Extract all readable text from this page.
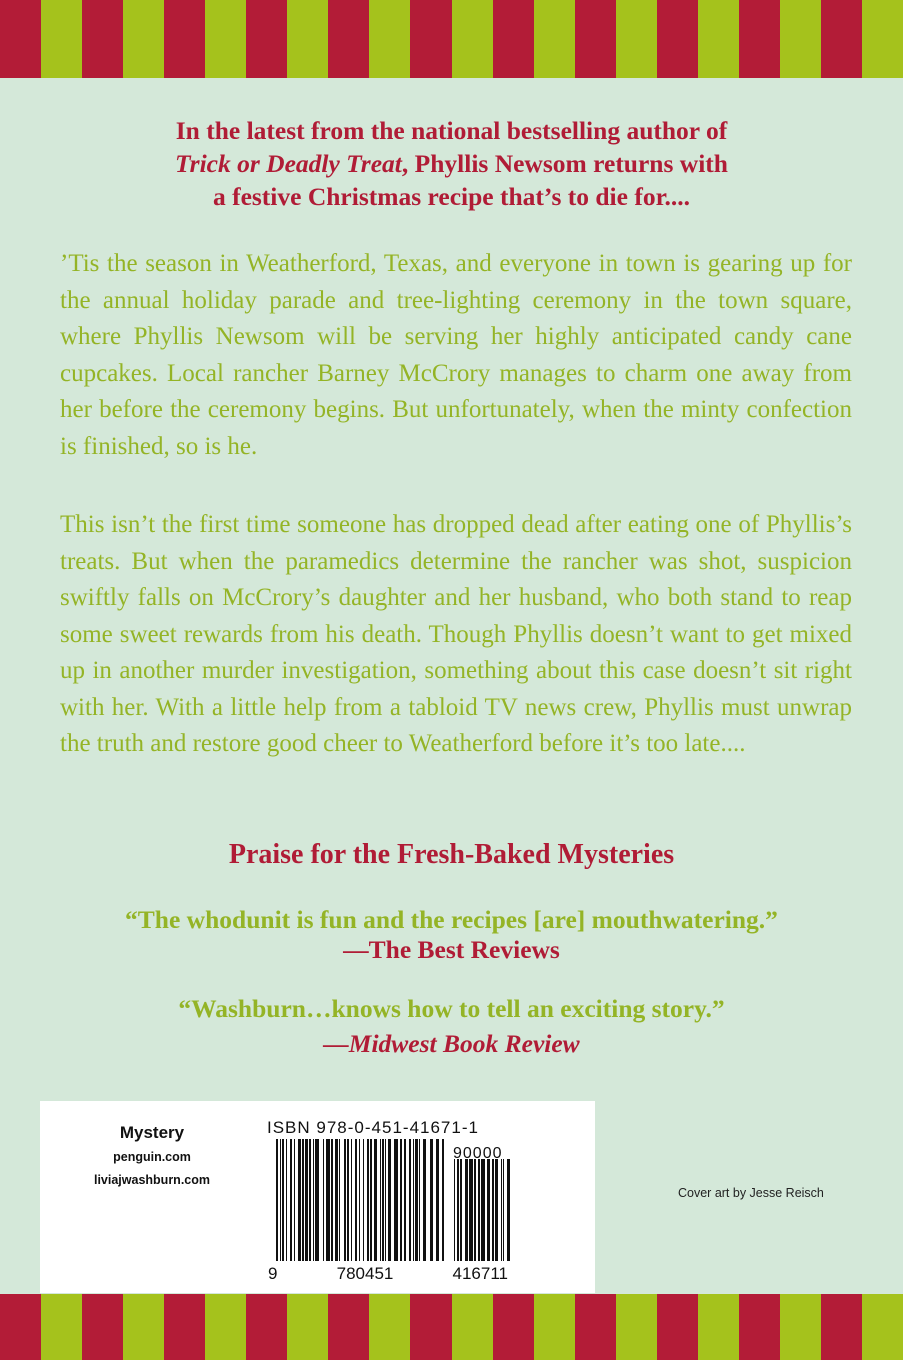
In the latest from the national bestselling author of
Trick or Deadly Treat, Phyllis Newsom returns with
a festive Christmas recipe that’s to die for....

’Tis the season in Weatherford, Texas, and everyone in town is gearing up for the annual holiday parade and tree-lighting ceremony in the town square, where Phyllis Newsom will be serving her highly anticipated candy cane cupcakes. Local rancher Barney McCrory manages to charm one away from her before the ceremony begins. But unfortunately, when the minty confection is finished, so is he.

This isn’t the first time someone has dropped dead after eating one of Phyllis’s treats. But when the paramedics determine the rancher was shot, suspicion swiftly falls on McCrory’s daughter and her husband, who both stand to reap some sweet rewards from his death. Though Phyllis doesn’t want to get mixed up in another murder investigation, something about this case doesn’t sit right with her. With a little help from a tabloid TV news crew, Phyllis must unwrap the truth and restore good cheer to Weatherford before it’s too late....

Praise for the Fresh-Baked Mysteries

“The whodunit is fun and the recipes [are] mouthwatering.”

—The Best Reviews

“Washburn…knows how to tell an exciting story.”

—Midwest Book Review

Mystery
penguin.com
liviajwashburn.com
ISBN 978-0-451-41671-1
90000
9	780451	416711
Cover art by Jesse Reisch
